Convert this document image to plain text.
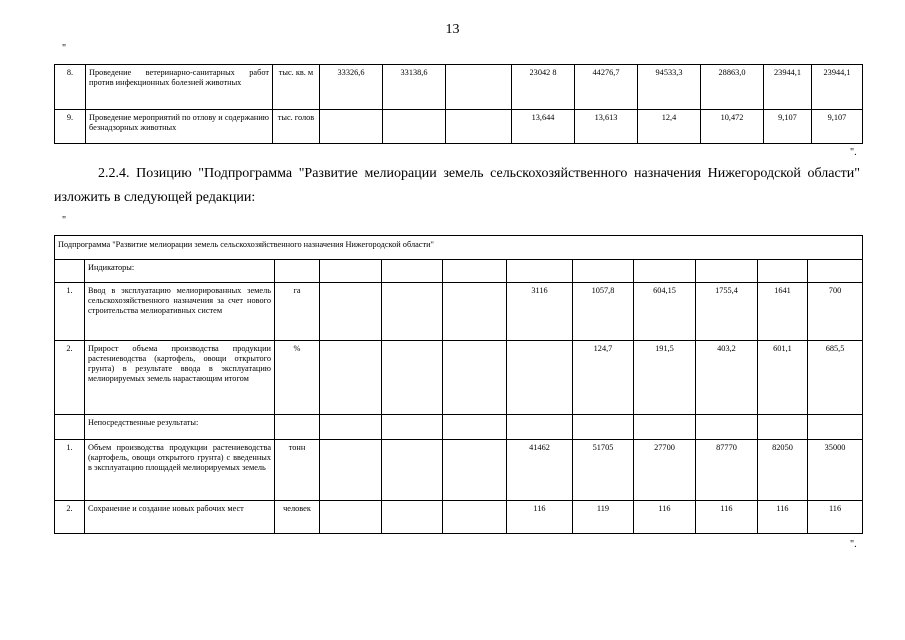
13
"
8.	Проведение ветеринарно-санитарных работ против инфекционных болезней животных	тыс. кв. м	33326,6	33138,6		23042 8	44276,7	94533,3	28863,0	23944,1	23944,1
9.	Проведение мероприятий по отлову и содержанию безнадзорных животных	тыс. голов				13,644	13,613	12,4	10,472	9,107	9,107
".

2.2.4. Позицию "Подпрограмма "Развитие мелиорации земель сельскохозяйственного назначения Нижегородской области" изложить в следующей редакции:

"
Подпрограмма "Развитие мелиорации земель сельскохозяйственного назначения Нижегородской области"											
	Индикаторы:										
1.	Ввод в эксплуатацию мелиорированных земель сельскохозяйственного назначения за счет нового строительства мелиоративных систем	га				3116	1057,8	604,15	1755,4	1641	700
2.	Прирост объема производства продукции растениеводства (картофель, овощи открытого грунта) в результате ввода в эксплуатацию мелиорируемых земель нарастающим итогом	%					124,7	191,5	403,2	601,1	685,5
	Непосредственные результаты:										
1.	Объем производства продукции растениеводства (картофель, овощи открытого грунта) с введенных в эксплуатацию площадей мелиорируемых земель	тонн				41462	51705	27700	87770	82050	35000
2.	Сохранение и создание новых рабочих мест	человек				116	119	116	116	116	116
".
